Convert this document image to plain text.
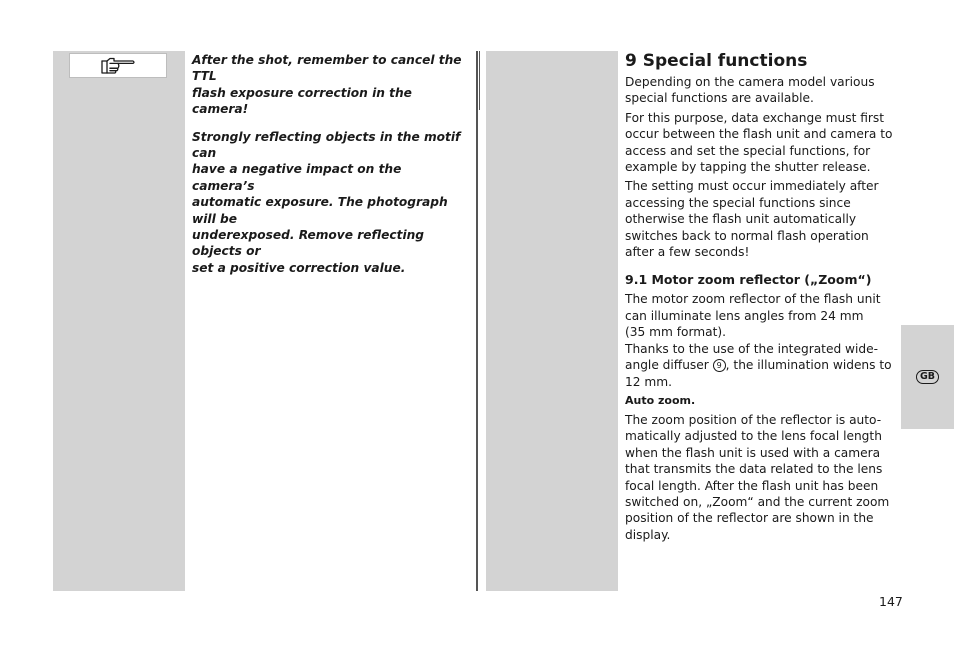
After the shot, remember to cancel the TTL
flash exposure correction in the camera!

Strongly reflecting objects in the motif can
have a negative impact on the camera’s
automatic exposure. The photograph will be
underexposed. Remove reflecting objects or
set a positive correction value.

9 Special functions

Depending on the camera model various
special functions are available.

For this purpose, data exchange must first
occur between the flash unit and camera to
access and set the special functions, for
example by tapping the shutter release.

The setting must occur immediately after
accessing the special functions since
otherwise the flash unit automatically
switches back to normal flash operation
after a few seconds!

9.1 Motor zoom reflector („Zoom“)

The motor zoom reflector of the flash unit
can illuminate lens angles from 24 mm
(35 mm format).

Thanks to the use of the integrated wide-
angle diffuser 9 , the illumination widens to
12 mm.

Auto zoom.

The zoom position of the reflector is auto-
matically adjusted to the lens focal length
when the flash unit is used with a camera
that transmits the data related to the lens
focal length. After the flash unit has been
switched on, „Zoom“ and the current zoom
position of the reflector are shown in the
display.

GB
147
